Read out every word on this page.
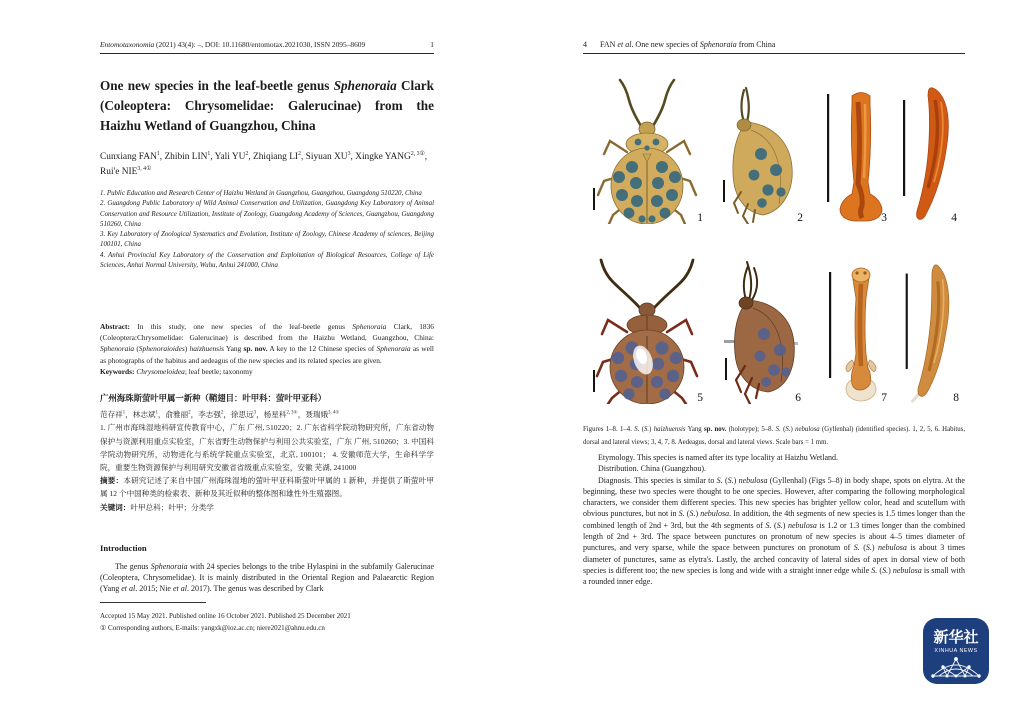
Entomotaxonomia (2021) 43(4): –, DOI: 10.11680/entomotax.2021030, ISSN 2095–8609	1
One new species in the leaf-beetle genus Sphenoraia Clark (Coleoptera: Chrysomelidae: Galerucinae) from the Haizhu Wetland of Guangzhou, China
Cunxiang FAN$^1$, Zhibin LIN$^1$, Yali $YU^2$, Zhiqiang $LI^2$, Siyuan $XU^3$, Xingke $YANG^{2, 3①}$, Rui'e $NIE^{3, 4①}$

1. Public Education and Research Center of Haizhu Wetland in Guangzhou, Guangzhou, Guangdong 510220, China

2. Guangdong Public Laboratory of Wild Animal Conservation and Utilization, Guangdong Key Laboratory of Animal Conservation and Resource Utilization, Institute of Zoology, Guangdong Academy of Sciences, Guangzhou, Guangdong 510260, China

3. Key Laboratory of Zoological Systematics and Evolution, Institute of Zoology, Chinese Academy of sciences, Beijing 100101, China

4. Anhui Provincial Key Laboratory of the Conservation and Exploitation of Biological Resources, College of Life Sciences, Anhui Normal University, Wuhu, Anhui 241000, China

Abstract: In this study, one new species of the leaf-beetle genus Sphenoraia Clark, 1836 (Coleoptera:Chrysomelidae: Galerucinae) is described from the Haizhu Wetland, Guangzhou, China: Sphenoraia (Sphenoraioides) haizhuensis Yang sp. nov. A key to the 12 Chinese species of Sphenoraia as well as photographs of the habitus and aedeagus of the new species and its related species are given.

Keywords: Chrysomeloidea; leaf beetle; taxonomy

广州海珠斯萤叶甲属一新种（鞘翅目：叶甲科：萤叶甲亚科）

范存祥$^1$，林志斌$^1$，俞雅丽$^2$，李志强$^2$，徐思远$^3$，杨星科$^{2, 3①}$，聂瑞娥$^{3, 4①}$

1. 广州市海珠湿地科研宣传教育中心，广东 广州, 510220；2. 广东省科学院动物研究所，广东省动物保护与资源利用重点实验室，广东省野生动物保护与利用公共实验室，广东 广州, 510260；3. 中国科学院动物研究所，动物进化与系统学院重点实验室，北京, 100101； 4. 安徽师范大学，生命科学学院，重要生物资源保护与利用研究安徽省省级重点实验室，安徽 芜湖, 241000

摘要：本研究记述了来自中国广州海珠湿地的萤叶甲亚科斯萤叶甲属的 1 新种，并提供了斯萤叶甲属 12 个中国种类的检索表、新种及其近似种的整体图和雄性外生殖器图。

关键词：叶甲总科；叶甲；分类学

Introduction
The genus Sphenoraia with 24 species belongs to the tribe Hylaspini in the subfamily Galerucinae (Coleoptera, Chrysomelidae). It is mainly distributed in the Oriental Region and Palaearctic Region (Yang et al. 2015; Nie et al. 2017). The genus was described by Clark
Accepted 15 May 2021. Published online 16 October 2021. Published 25 December 2021
① Corresponding authors, E-mails: yangxk@ioz.ac.cn; niere2021@ahnu.edu.cn
4 FAN et al. One new species of Sphenoraia from China
1	2	3	4
5	6	7	8
Figures 1–8. 1–4. S. (S.) haizhuensis Yang sp. nov. (holotype); 5–8. S. (S.) nebulosa (Gyllenhal) (identified species). 1, 2, 5, 6. Habitus, dorsal and lateral views; 3, 4, 7, 8. Aedeagus, dorsal and lateral views. Scale bars = 1 mm.

Etymology. This species is named after its type locality at Haizhu Wetland.

Distribution. China (Guangzhou).

Diagnosis. This species is similar to S. (S.) nebulosa (Gyllenhal) (Figs 5–8) in body shape, spots on elytra. At the beginning, these two species were thought to be one species. However, after comparing the following morphological characters, we consider them different species. This new species has brighter yellow color, head and scutellum with obvious punctures, but not in S. (S.) nebulosa. In addition, the 4th segments of new species is 1.5 times longer than the combined length of 2nd + 3rd, but the 4th segments of S. (S.) nebulosa is 1.2 or 1.3 times longer than the combined length of 2nd + 3rd. The space between punctures on pronotum of new species is about 4–5 times diameter of punctures, and very sparse, while the space between punctures on pronotum of S. (S.) nebulosa is about 3 times diameter of punctures, same as elytra's. Lastly, the arched concavity of lateral sides of apex in dorsal view of both species is different too; the new species is long and wide with a straight inner edge while S. (S.) nebulosa is small with a rounded inner edge.

新华社
XINHUA NEWS
